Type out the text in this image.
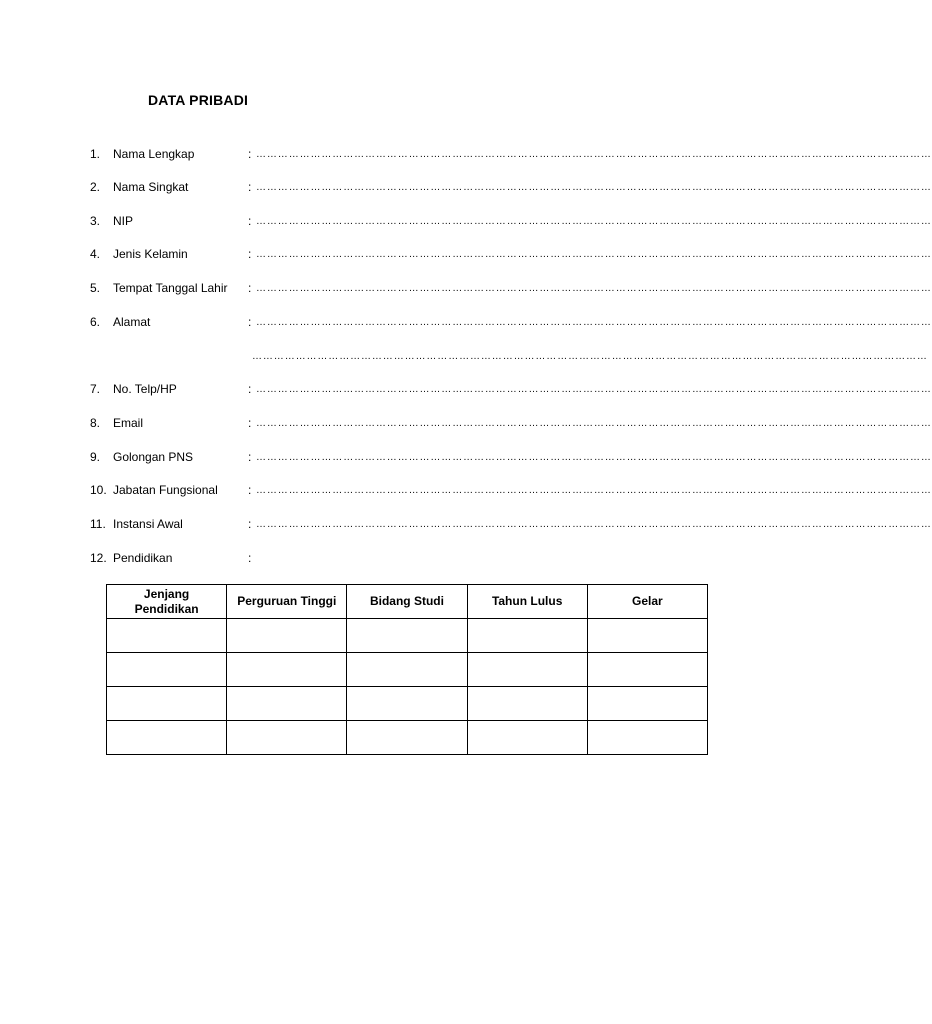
DATA PRIBADI
1. Nama Lengkap	: ……………………………………………………………………………………………………………………………………………………………………
2. Nama Singkat	: ……………………………………………………………………………………………………………………………………………………………………
3. NIP	: ……………………………………………………………………………………………………………………………………………………………………
4. Jenis Kelamin	: ……………………………………………………………………………………………………………………………………………………………………
5. Tempat Tanggal Lahir : ……………………………………………………………………………………………………………………………………………………………………
6. Alamat	: ……………………………………………………………………………………………………………………………………………………………………
……………………………………………………………………………………………………………………………………………………………………
7. No. Telp/HP	: ……………………………………………………………………………………………………………………………………………………………………
8. Email	: ……………………………………………………………………………………………………………………………………………………………………
9. Golongan PNS	: ……………………………………………………………………………………………………………………………………………………………………
10. Jabatan Fungsional	: ……………………………………………………………………………………………………………………………………………………………………
11. Instansi Awal	: ……………………………………………………………………………………………………………………………………………………………………
12. Pendidikan	:
Jenjang Pendidikan	Perguruan Tinggi	Bidang Studi	Tahun Lulus	Gelar
